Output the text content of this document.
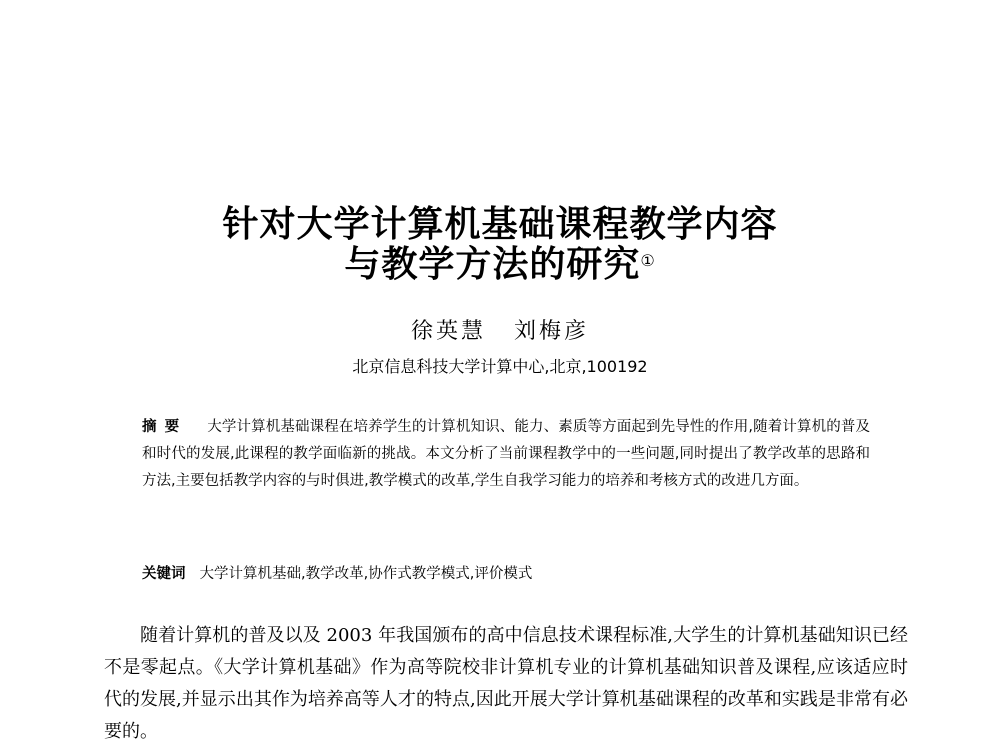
针对大学计算机基础课程教学内容
与教学方法的研究①
徐英慧 刘梅彦
北京信息科技大学计算中心,北京,100192

摘要 大学计算机基础课程在培养学生的计算机知识、能力、素质等方面起到先导性的作用,随着计算机的普及和时代的发展,此课程的教学面临新的挑战。本文分析了当前课程教学中的一些问题,同时提出了教学改革的思路和方法,主要包括教学内容的与时俱进,教学模式的改革,学生自我学习能力的培养和考核方式的改进几方面。

关键词 大学计算机基础,教学改革,协作式教学模式,评价模式

随着计算机的普及以及 2003 年我国颁布的高中信息技术课程标准,大学生的计算机基础知识已经不是零起点。《大学计算机基础》作为高等院校非计算机专业的计算机基础知识普及课程,应该适应时代的发展,并显示出其作为培养高等人才的特点,因此开展大学计算机基础课程的改革和实践是非常有必要的。
